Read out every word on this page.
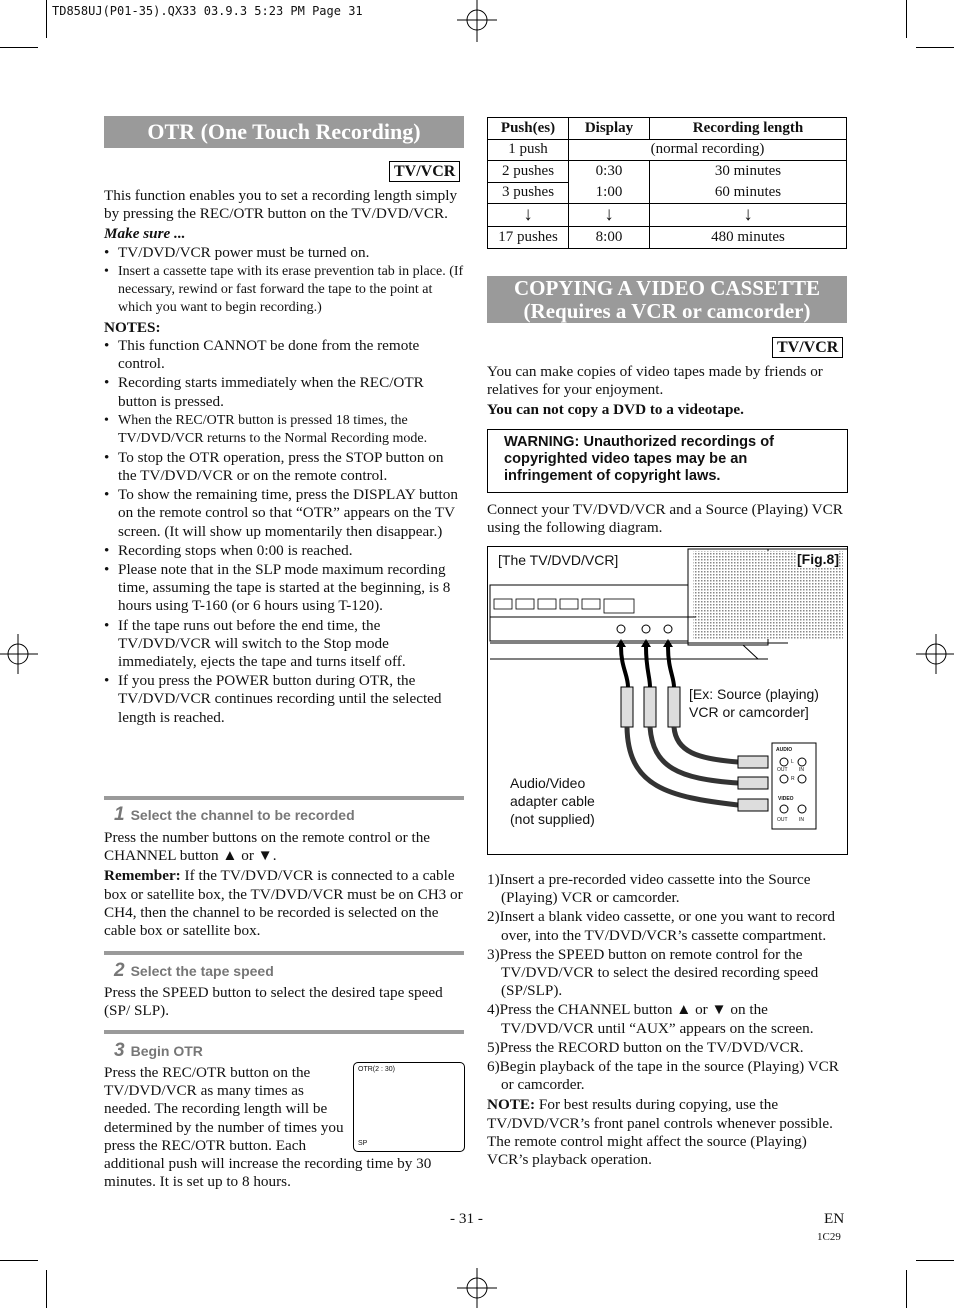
TD858UJ(P01-35).QX33 03.9.3 5:23 PM Page 31
OTR (One Touch Recording)
TV/VCR
This function enables you to set a recording length simply by pressing the REC/OTR button on the TV/DVD/VCR.
Make sure ...
• TV/DVD/VCR power must be turned on.
• Insert a cassette tape with its erase prevention tab in place. (If necessary, rewind or fast forward the tape to the point at which you want to begin recording.)
NOTES:
• This function CANNOT be done from the remote control.
• Recording starts immediately when the REC/OTR button is pressed.
• When the REC/OTR button is pressed 18 times, the TV/DVD/VCR returns to the Normal Recording mode.
• To stop the OTR operation, press the STOP button on the TV/DVD/VCR or on the remote control.
• To show the remaining time, press the DISPLAY button on the remote control so that “OTR” appears on the TV screen. (It will show up momentarily then disappear.)
• Recording stops when 0:00 is reached.
• Please note that in the SLP mode maximum recording time, assuming the tape is started at the beginning, is 8 hours using T-160 (or 6 hours using T-120).
• If the tape runs out before the end time, the TV/DVD/VCR will switch to the Stop mode immediately, ejects the tape and turns itself off.
• If you press the POWER button during OTR, the TV/DVD/VCR continues recording until the selected length is reached.
1 Select the channel to be recorded
Press the number buttons on the remote control or the CHANNEL button ▲ or ▼.
Remember: If the TV/DVD/VCR is connected to a cable box or satellite box, the TV/DVD/VCR must be on CH3 or CH4, then the channel to be recorded is selected on the cable box or satellite box.
2 Select the tape speed
Press the SPEED button to select the desired tape speed (SP/ SLP).
3 Begin OTR
OTR(2 : 30)
SP
Press the REC/OTR button on the TV/DVD/VCR as many times as needed. The recording length will be determined by the number of times you press the REC/OTR button. Each additional push will increase the recording time by 30 minutes. It is set up to 8 hours.
Push(es)	Display	Recording length
1 push	(normal recording)	
2 pushes	0:30	30 minutes
3 pushes	1:00	60 minutes
↓	↓	↓
17 pushes	8:00	480 minutes
COPYING A VIDEO CASSETTE
(Requires a VCR or camcorder)
TV/VCR
You can make copies of video tapes made by friends or relatives for your enjoyment.
You can not copy a DVD to a videotape.
WARNING: Unauthorized recordings of copyrighted video tapes may be an infringement of copyright laws.
Connect your TV/DVD/VCR and a Source (Playing) VCR using the following diagram.
[The TV/DVD/VCR]	[Fig.8]
[Ex: Source (playing)
VCR or camcorder]
Audio/Video
adapter cable
(not supplied)
AUDIO
L
R
OUT IN
VIDEO
OUT IN
1)Insert a pre-recorded video cassette into the Source (Playing) VCR or camcorder.
2)Insert a blank video cassette, or one you want to record over, into the TV/DVD/VCR’s cassette compartment.
3)Press the SPEED button on remote control for the TV/DVD/VCR to select the desired recording speed (SP/SLP).
4)Press the CHANNEL button ▲ or ▼ on the TV/DVD/VCR until “AUX” appears on the screen.
5)Press the RECORD button on the TV/DVD/VCR.
6)Begin playback of the tape in the source (Playing) VCR or camcorder.
NOTE: For best results during copying, use the TV/DVD/VCR’s front panel controls whenever possible. The remote control might affect the source (Playing) VCR’s playback operation.
- 31 -	EN
1C29
